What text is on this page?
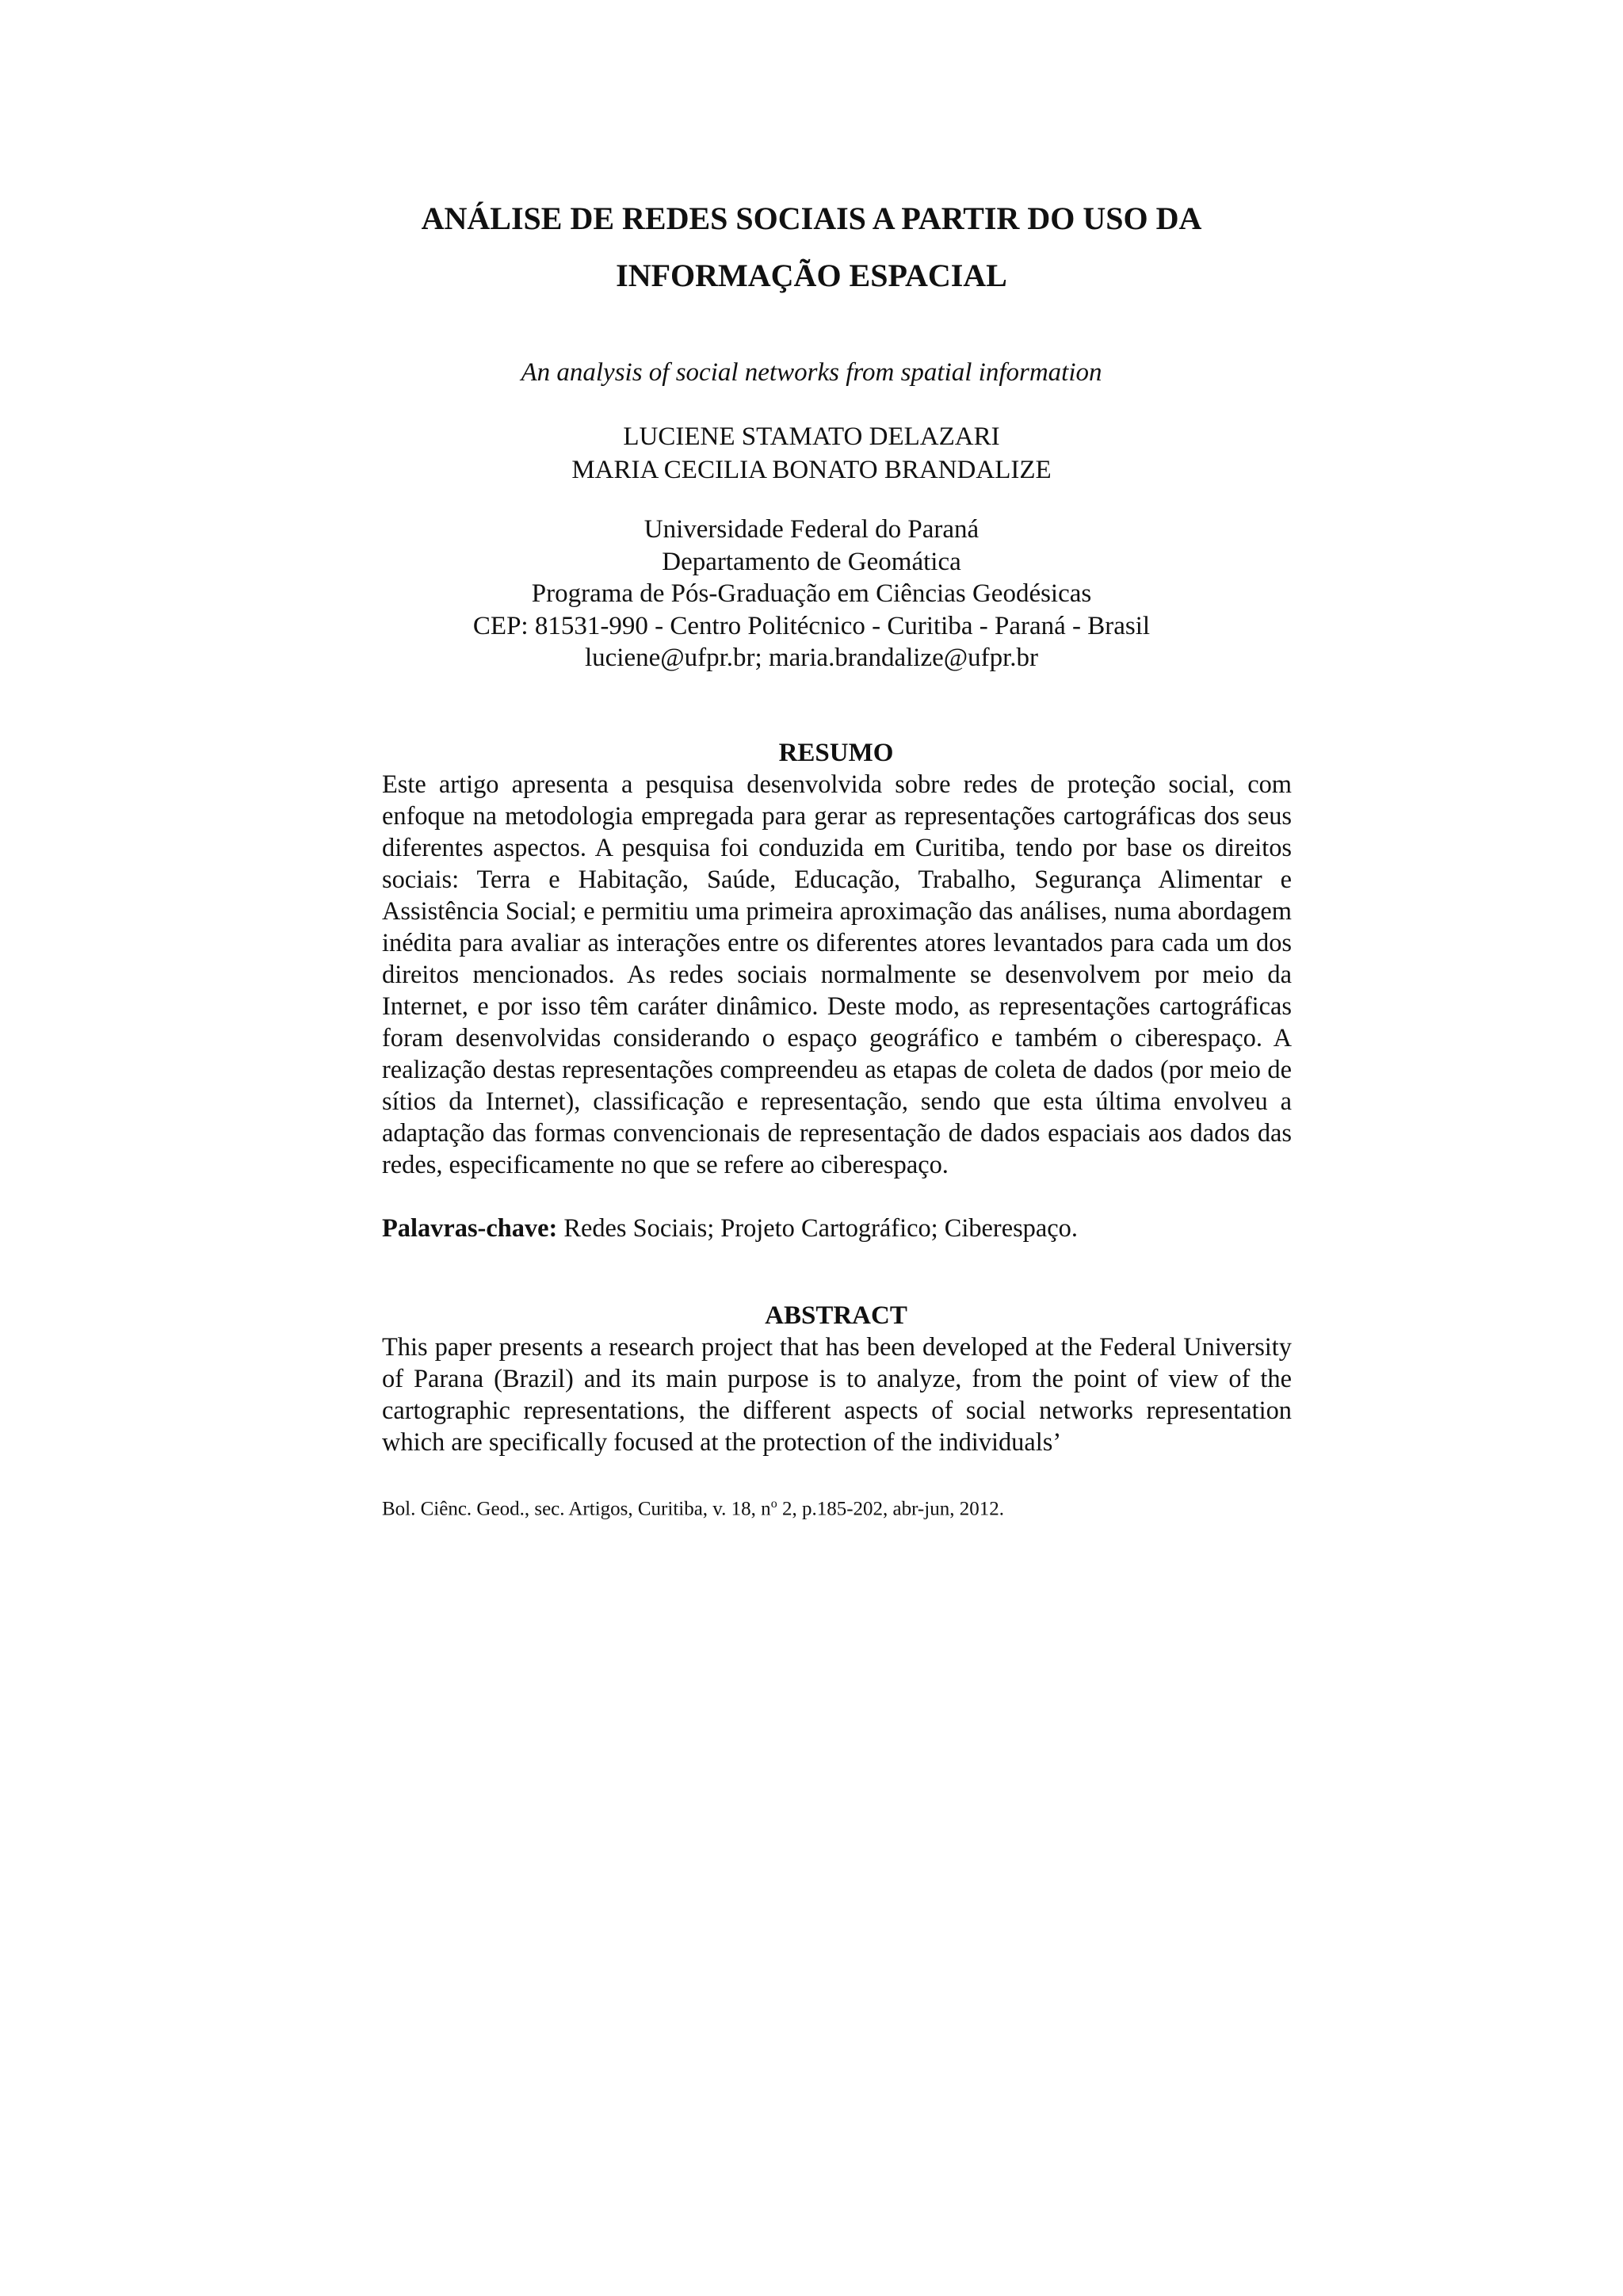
ANÁLISE DE REDES SOCIAIS A PARTIR DO USO DA
INFORMAÇÃO ESPACIAL
An analysis of social networks from spatial information
LUCIENE STAMATO DELAZARI
MARIA CECILIA BONATO BRANDALIZE
Universidade Federal do Paraná
Departamento de Geomática
Programa de Pós-Graduação em Ciências Geodésicas
CEP: 81531-990 - Centro Politécnico - Curitiba - Paraná - Brasil
luciene@ufpr.br; maria.brandalize@ufpr.br
RESUMO

Este artigo apresenta a pesquisa desenvolvida sobre redes de proteção social, com enfoque na metodologia empregada para gerar as representações cartográficas dos seus diferentes aspectos. A pesquisa foi conduzida em Curitiba, tendo por base os direitos sociais: Terra e Habitação, Saúde, Educação, Trabalho, Segurança Alimentar e Assistência Social; e permitiu uma primeira aproximação das análises, numa abordagem inédita para avaliar as interações entre os diferentes atores levantados para cada um dos direitos mencionados. As redes sociais normalmente se desenvolvem por meio da Internet, e por isso têm caráter dinâmico. Deste modo, as representações cartográficas foram desenvolvidas considerando o espaço geográfico e também o ciberespaço. A realização destas representações compreendeu as etapas de coleta de dados (por meio de sítios da Internet), classificação e representação, sendo que esta última envolveu a adaptação das formas convencionais de representação de dados espaciais aos dados das redes, especificamente no que se refere ao ciberespaço.

Palavras-chave: Redes Sociais; Projeto Cartográfico; Ciberespaço.
ABSTRACT

This paper presents a research project that has been developed at the Federal University of Parana (Brazil) and its main purpose is to analyze, from the point of view of the cartographic representations, the different aspects of social networks representation which are specifically focused at the protection of the individuals’

Bol. Ciênc. Geod., sec. Artigos, Curitiba, v. 18, $n^o$ 2, p.185-202, abr-jun, 2012.
